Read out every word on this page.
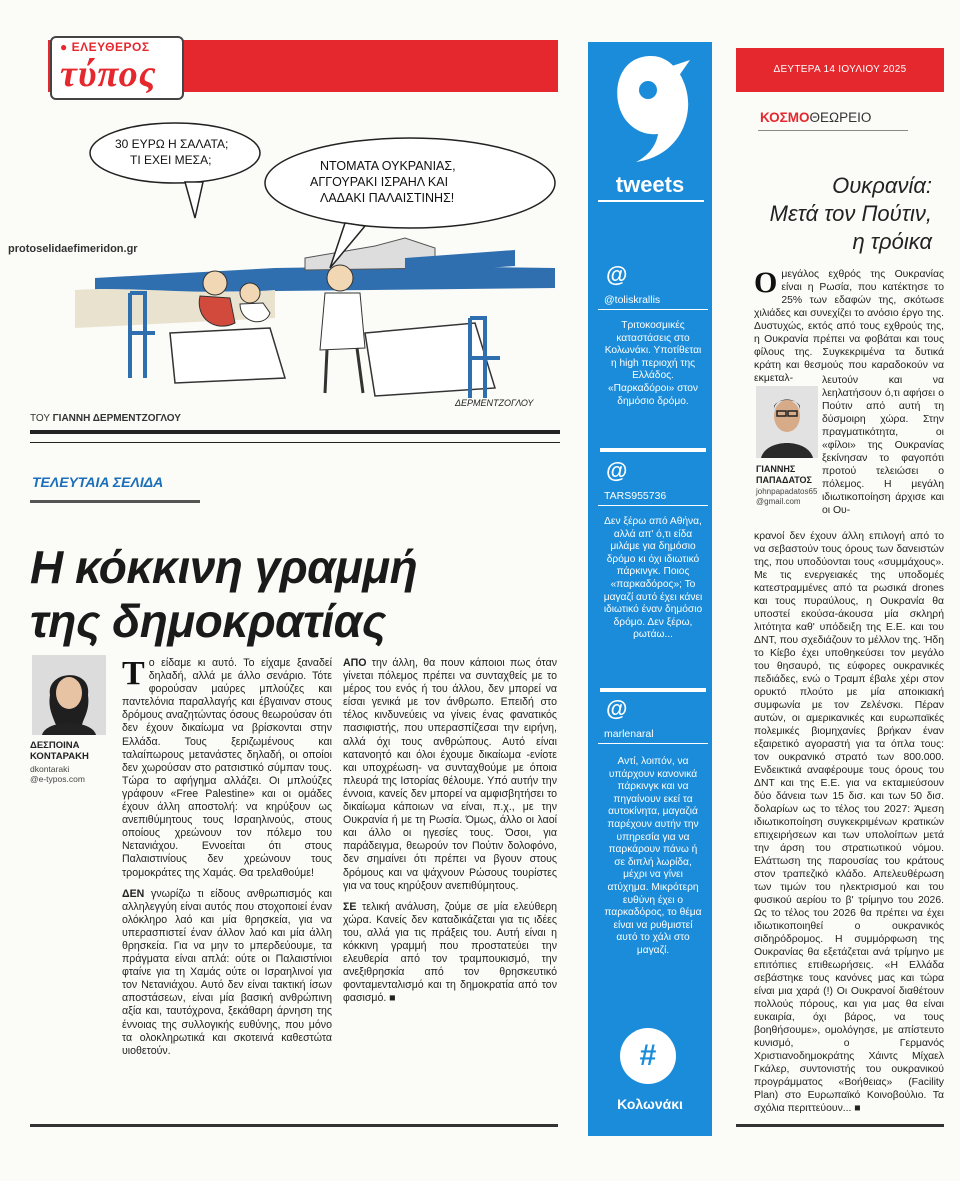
● ΕΛΕΥΘΕΡΟΣ
τύπος
protoselidaefimeridon.gr
30 ΕΥΡΩ Η ΣΑΛΑΤΑ;
ΤΙ ΕΧΕΙ ΜΕΣΑ;	ΝΤΟΜΑΤΑ ΟΥΚΡΑΝΙΑΣ,
ΑΓΓΟΥΡΑΚΙ ΙΣΡΑΗΛ ΚΑΙ
ΛΑΔΑΚΙ ΠΑΛΑΙΣΤΙΝΗΣ!
ΔΕΡΜΕΝΤΖΟΓΛΟΥ
ΤΟΥ ΓΙΑΝΝΗ ΔΕΡΜΕΝΤΖΟΓΛΟΥ
ΤΕΛΕΥΤΑΙΑ ΣΕΛΙΔΑ
Η κόκκινη γραμμή
της δημοκρατίας
ΔΕΣΠΟΙΝΑ
ΚΟΝΤΑΡΑΚΗ
dkontaraki
@e-typos.com

Το είδαμε κι αυτό. Το είχαμε ξαναδεί δηλαδή, αλλά με άλλο σενάριο. Τότε φορούσαν μαύρες μπλούζες και παντελόνια παραλλαγής και έβγαιναν στους δρόμους αναζητώντας όσους θεωρούσαν ότι δεν έχουν δικαίωμα να βρίσκονται στην Ελλάδα. Τους ξεριζωμένους και ταλαίπωρους μετανάστες δηλαδή, οι οποίοι δεν χωρούσαν στο ρατσιστικό σύμπαν τους. Τώρα το αφήγημα αλλάζει. Οι μπλούζες γράφουν «Free Palestine» και οι ομάδες έχουν άλλη αποστολή: να κηρύξουν ως ανεπιθύμητους τους Ισραηλινούς, στους οποίους χρεώνουν τον πόλεμο του Νετανιάχου. Εννοείται ότι στους Παλαιστινίους δεν χρεώνουν τους τρομοκράτες της Χαμάς. Θα τρελαθούμε!

ΔΕΝ γνωρίζω τι είδους ανθρωπισμός και αλληλεγγύη είναι αυτός που στοχοποιεί έναν ολόκληρο λαό και μία θρησκεία, για να υπερασπιστεί έναν άλλον λαό και μία άλλη θρησκεία. Για να μην το μπερδεύουμε, τα πράγματα είναι απλά: ούτε οι Παλαιστίνιοι φταίνε για τη Χαμάς ούτε οι Ισραηλινοί για τον Νετανιάχου. Αυτό δεν είναι τακτική ίσων αποστάσεων, είναι μία βασική ανθρώπινη αξία και, ταυτόχρονα, ξεκάθαρη άρνηση της έννοιας της συλλογικής ευθύνης, που μόνο τα ολοκληρωτικά και σκοτεινά καθεστώτα υιοθετούν.

ΑΠΟ την άλλη, θα πουν κάποιοι πως όταν γίνεται πόλεμος πρέπει να συνταχθείς με το μέρος του ενός ή του άλλου, δεν μπορεί να είσαι γενικά με τον άνθρωπο. Επειδή στο τέλος κινδυνεύεις να γίνεις ένας φανατικός πασιφιστής, που υπερασπίζεσαι την ειρήνη, αλλά όχι τους ανθρώπους. Αυτό είναι κατανοητό και όλοι έχουμε δικαίωμα -ενίοτε και υποχρέωση- να συνταχθούμε με όποια πλευρά της Ιστορίας θέλουμε. Υπό αυτήν την έννοια, κανείς δεν μπορεί να αμφισβητήσει το δικαίωμα κάποιων να είναι, π.χ., με την Ουκρανία ή με τη Ρωσία. Όμως, άλλο οι λαοί και άλλο οι ηγεσίες τους. Όσοι, για παράδειγμα, θεωρούν τον Πούτιν δολοφόνο, δεν σημαίνει ότι πρέπει να βγουν στους δρόμους και να ψάχνουν Ρώσους τουρίστες για να τους κηρύξουν ανεπιθύμητους.

ΣΕ τελική ανάλυση, ζούμε σε μία ελεύθερη χώρα. Κανείς δεν καταδικάζεται για τις ιδέες του, αλλά για τις πράξεις του. Αυτή είναι η κόκκινη γραμμή που προστατεύει την ελευθερία από τον τραμπουκισμό, την ανεξιθρησκία από τον θρησκευτικό φονταμενταλισμό και τη δημοκρατία από τον φασισμό. ■

tweets
@
@toliskrallis
Τριτοκοσμικές καταστάσεις στο Κολωνάκι. Υποτίθεται η high περιοχή της Ελλάδος. «Παρκαδόροι» στον δημόσιο δρόμο.
@
TARS955736
Δεν ξέρω από Αθήνα, αλλά απ' ό,τι είδα μιλάμε για δημόσιο δρόμο κι όχι ιδιωτικό πάρκινγκ. Ποιος «παρκαδόρος»; Το μαγαζί αυτό έχει κάνει ιδιωτικό έναν δημόσιο δρόμο. Δεν ξέρω, ρωτάω...
@
marlenaral
Αντί, λοιπόν, να υπάρχουν κανονικά πάρκινγκ και να πηγαίνουν εκεί τα αυτοκίνητα, μαγαζιά παρέχουν αυτήν την υπηρεσία για να παρκάρουν πάνω ή σε διπλή λωρίδα, μέχρι να γίνει ατύχημα. Μικρότερη ευθύνη έχει ο παρκαδόρος, το θέμα είναι να ρυθμιστεί αυτό το χάλι στο μαγαζί.
#
Κολωνάκι
ΔΕΥΤΕΡΑ 14 ΙΟΥΛΙΟΥ 2025
ΚΟΣΜΟΘΕΩΡΕΙΟ
Ουκρανία:
Μετά τον Πούτιν,
η τρόικα
Ο μεγάλος εχθρός της Ουκρανίας είναι η Ρωσία, που κατέκτησε το 25% των εδαφών της, σκότωσε χιλιάδες και συνεχίζει το ανόσιο έργο της. Δυστυχώς, εκτός από τους εχθρούς της, η Ουκρανία πρέπει να φοβάται και τους φίλους της. Συγκεκριμένα τα δυτικά κράτη και θεσμούς που καραδοκούν να εκμεταλ-
ΓΙΑΝΝΗΣ
ΠΑΠΑΔΑΤΟΣ
johnpapadatos65
@gmail.com
λευτούν και να λεηλατήσουν ό,τι αφήσει ο Πούτιν από αυτή τη δύσμοιρη χώρα. Στην πραγματικότητα, οι «φίλοι» της Ουκρανίας ξεκίνησαν το φαγοπότι προτού τελειώσει ο πόλεμος. Η μεγάλη ιδιωτικοποίηση άρχισε και οι Ου-
κρανοί δεν έχουν άλλη επιλογή από το να σεβαστούν τους όρους των δανειστών της, που υποδύονται τους «συμμάχους». Με τις ενεργειακές της υποδομές κατεστραμμένες από τα ρωσικά drones και τους πυραύλους, η Ουκρανία θα υποστεί εκούσα-άκουσα μία σκληρή λιτότητα καθ' υπόδειξη της Ε.Ε. και του ΔΝΤ, που σχεδιάζουν το μέλλον της. Ήδη το Κίεβο έχει υποθηκεύσει τον μεγάλο του θησαυρό, τις εύφορες ουκρανικές πεδιάδες, ενώ ο Τραμπ έβαλε χέρι στον ορυκτό πλούτο με μία αποικιακή συμφωνία με τον Ζελένσκι. Πέραν αυτών, οι αμερικανικές και ευρωπαϊκές πολεμικές βιομηχανίες βρήκαν έναν εξαιρετικό αγοραστή για τα όπλα τους: τον ουκρανικό στρατό των 800.000. Ενδεικτικά αναφέρουμε τους όρους του ΔΝΤ και της Ε.Ε. για να εκταμιεύσουν δύο δάνεια των 15 δισ. και των 50 δισ. δολαρίων ως το τέλος του 2027: Άμεση ιδιωτικοποίηση συγκεκριμένων κρατικών επιχειρήσεων και των υπολοίπων μετά την άρση του στρατιωτικού νόμου. Ελάττωση της παρουσίας του κράτους στον τραπεζικό κλάδο. Απελευθέρωση των τιμών του ηλεκτρισμού και του φυσικού αερίου το β' τρίμηνο του 2026. Ως το τέλος του 2026 θα πρέπει να έχει ιδιωτικοποιηθεί ο ουκρανικός σιδηρόδρομος. Η συμμόρφωση της Ουκρανίας θα εξετάζεται ανά τρίμηνο με επιτόπιες επιθεωρήσεις. «Η Ελλάδα σεβάστηκε τους κανόνες μας και τώρα είναι μια χαρά (!) Οι Ουκρανοί διαθέτουν πολλούς πόρους, και για μας θα είναι ευκαιρία, όχι βάρος, να τους βοηθήσουμε», ομολόγησε, με απίστευτο κυνισμό, ο Γερμανός Χριστιανοδημοκράτης Χάιντς Μίχαελ Γκάλερ, συντονιστής του ουκρανικού προγράμματος «Βοήθειας» (Facility Plan) στο Ευρωπαϊκό Κοινοβούλιο. Τα σχόλια περιττεύουν... ■
